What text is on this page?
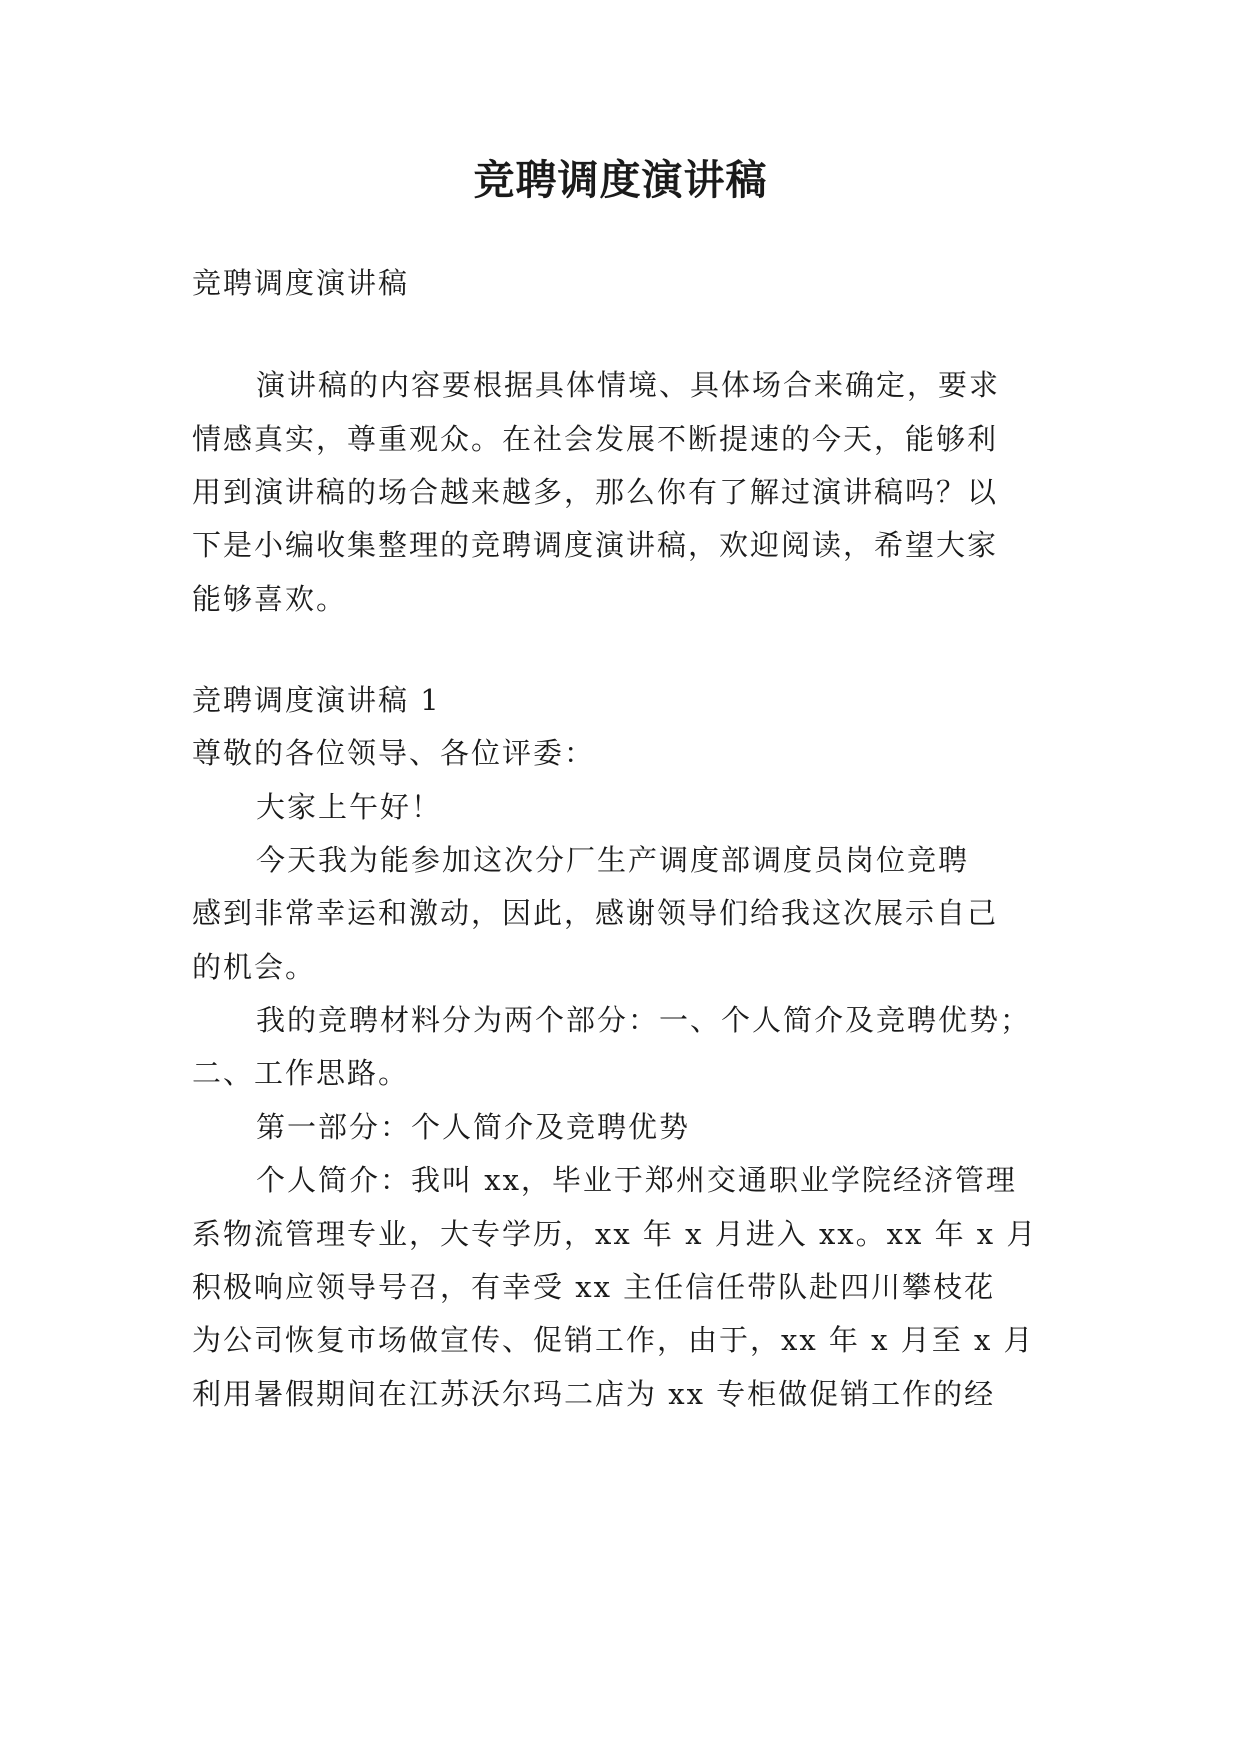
竞聘调度演讲稿
竞聘调度演讲稿
演讲稿的内容要根据具体情境、具体场合来确定，要求
情感真实，尊重观众。在社会发展不断提速的今天，能够利
用到演讲稿的场合越来越多，那么你有了解过演讲稿吗？以
下是小编收集整理的竞聘调度演讲稿，欢迎阅读，希望大家
能够喜欢。
竞聘调度演讲稿 1
尊敬的各位领导、各位评委：
大家上午好！
今天我为能参加这次分厂生产调度部调度员岗位竞聘
感到非常幸运和激动，因此，感谢领导们给我这次展示自己
的机会。
我的竞聘材料分为两个部分：一、个人简介及竞聘优势；
二、工作思路。
第一部分：个人简介及竞聘优势
个人简介：我叫 xx，毕业于郑州交通职业学院经济管理
系物流管理专业，大专学历，xx 年 x 月进入 xx。xx 年 x 月
积极响应领导号召，有幸受 xx 主任信任带队赴四川攀枝花
为公司恢复市场做宣传、促销工作，由于，xx 年 x 月至 x 月
利用暑假期间在江苏沃尔玛二店为 xx 专柜做促销工作的经
